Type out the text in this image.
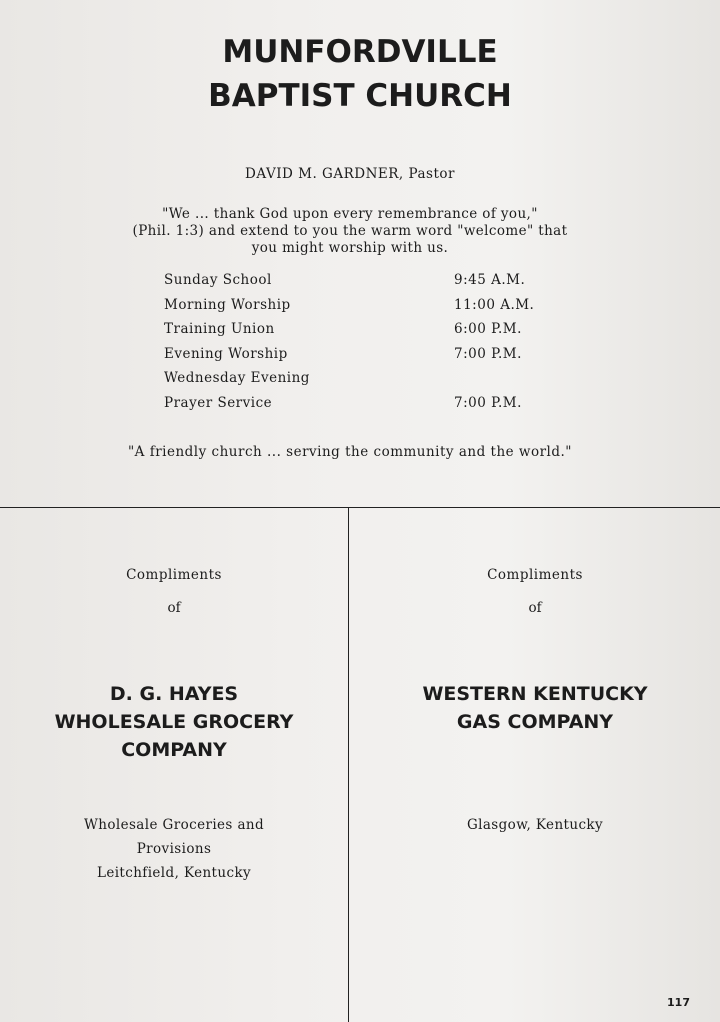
MUNFORDVILLE
BAPTIST CHURCH
DAVID M. GARDNER, Pastor
"We ... thank God upon every remembrance of you,"
(Phil. 1:3) and extend to you the warm word "welcome" that
you might worship with us.
Sunday School	9:45 A.M.
Morning Worship	11:00 A.M.
Training Union	6:00 P.M.
Evening Worship	7:00 P.M.
Wednesday Evening
Prayer Service	7:00 P.M.
"A friendly church ... serving the community and the world."
Compliments
of
D. G. HAYES
WHOLESALE GROCERY
COMPANY
Wholesale Groceries and
Provisions
Leitchfield, Kentucky
Compliments
of
WESTERN KENTUCKY
GAS COMPANY
Glasgow, Kentucky
117
